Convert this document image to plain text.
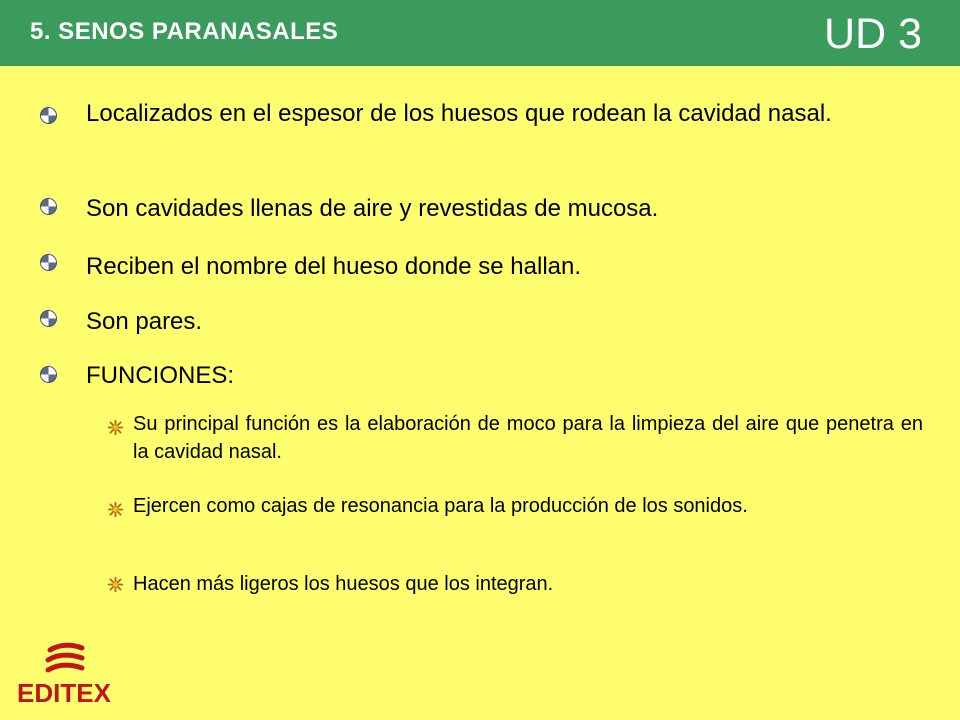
5. SENOS PARANASALES	UD 3
Localizados en el espesor de los huesos que rodean la cavidad nasal.
Son cavidades llenas de aire y revestidas de mucosa.
Reciben el nombre del hueso donde se hallan.
Son pares.
FUNCIONES:
Su principal función es la elaboración de moco para la limpieza del aire que penetra en la cavidad nasal.
Ejercen como cajas de resonancia para la producción de los sonidos.
Hacen más ligeros los huesos que los integran.
EDITEX
